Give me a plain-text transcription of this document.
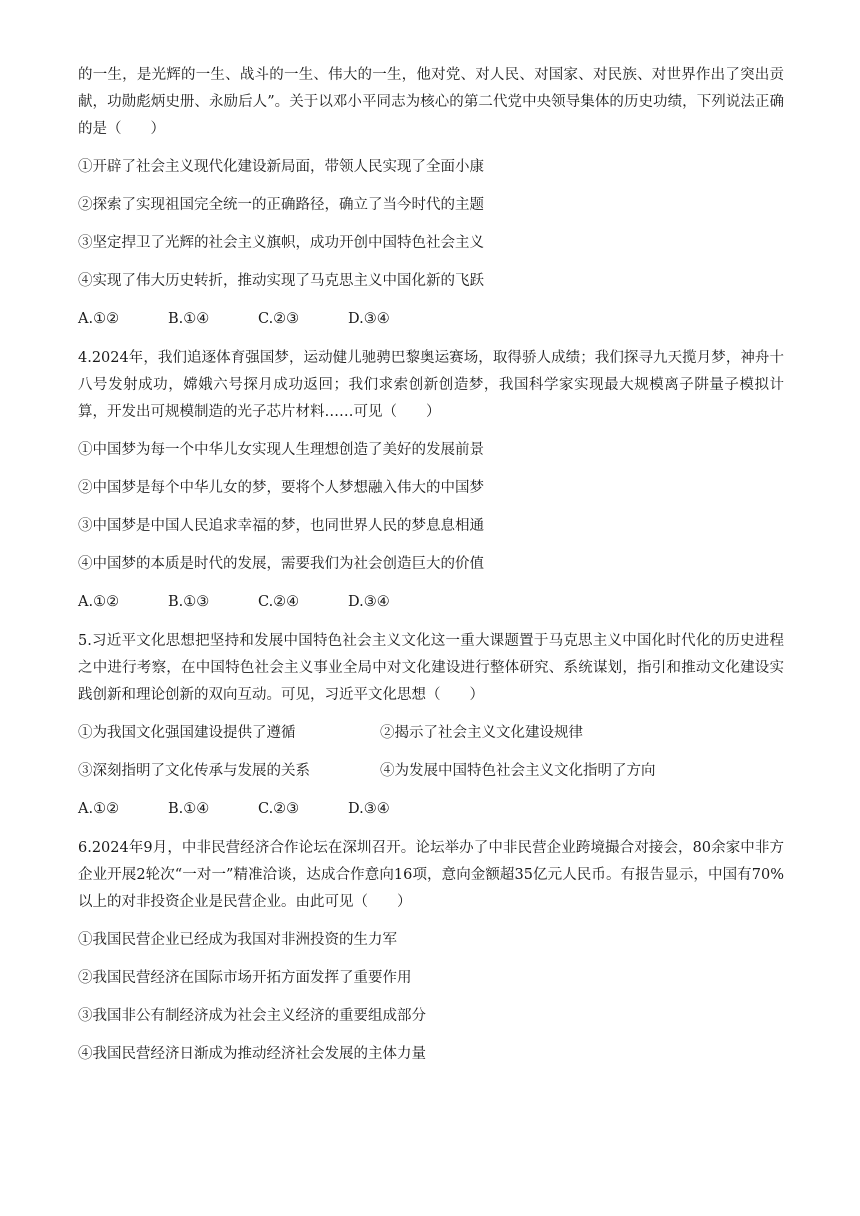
的一生，是光辉的一生、战斗的一生、伟大的一生，他对党、对人民、对国家、对民族、对世界作出了突出贡献，功勋彪炳史册、永励后人”。关于以邓小平同志为核心的第二代党中央领导集体的历史功绩，下列说法正确的是（　　）

①开辟了社会主义现代化建设新局面，带领人民实现了全面小康

②探索了实现祖国完全统一的正确路径，确立了当今时代的主题

③坚定捍卫了光辉的社会主义旗帜，成功开创中国特色社会主义

④实现了伟大历史转折，推动实现了马克思主义中国化新的飞跃

A.①②	B.①④	C.②③	D.③④

4.2024年，我们追逐体育强国梦，运动健儿驰骋巴黎奥运赛场，取得骄人成绩；我们探寻九天揽月梦，神舟十八号发射成功，嫦娥六号探月成功返回；我们求索创新创造梦，我国科学家实现最大规模离子阱量子模拟计算，开发出可规模制造的光子芯片材料……可见（　　）

①中国梦为每一个中华儿女实现人生理想创造了美好的发展前景

②中国梦是每个中华儿女的梦，要将个人梦想融入伟大的中国梦

③中国梦是中国人民追求幸福的梦，也同世界人民的梦息息相通

④中国梦的本质是时代的发展，需要我们为社会创造巨大的价值

A.①②	B.①③	C.②④	D.③④

5.习近平文化思想把坚持和发展中国特色社会主义文化这一重大课题置于马克思主义中国化时代化的历史进程之中进行考察，在中国特色社会主义事业全局中对文化建设进行整体研究、系统谋划，指引和推动文化建设实践创新和理论创新的双向互动。可见，习近平文化思想（　　）

①为我国文化强国建设提供了遵循	②揭示了社会主义文化建设规律
③深刻指明了文化传承与发展的关系	④为发展中国特色社会主义文化指明了方向
A.①②	B.①④	C.②③	D.③④

6.2024年9月，中非民营经济合作论坛在深圳召开。论坛举办了中非民营企业跨境撮合对接会，80余家中非方企业开展2轮次“一对一”精准洽谈，达成合作意向16项，意向金额超35亿元人民币。有报告显示，中国有70%以上的对非投资企业是民营企业。由此可见（　　）

①我国民营企业已经成为我国对非洲投资的生力军

②我国民营经济在国际市场开拓方面发挥了重要作用

③我国非公有制经济成为社会主义经济的重要组成部分

④我国民营经济日渐成为推动经济社会发展的主体力量
